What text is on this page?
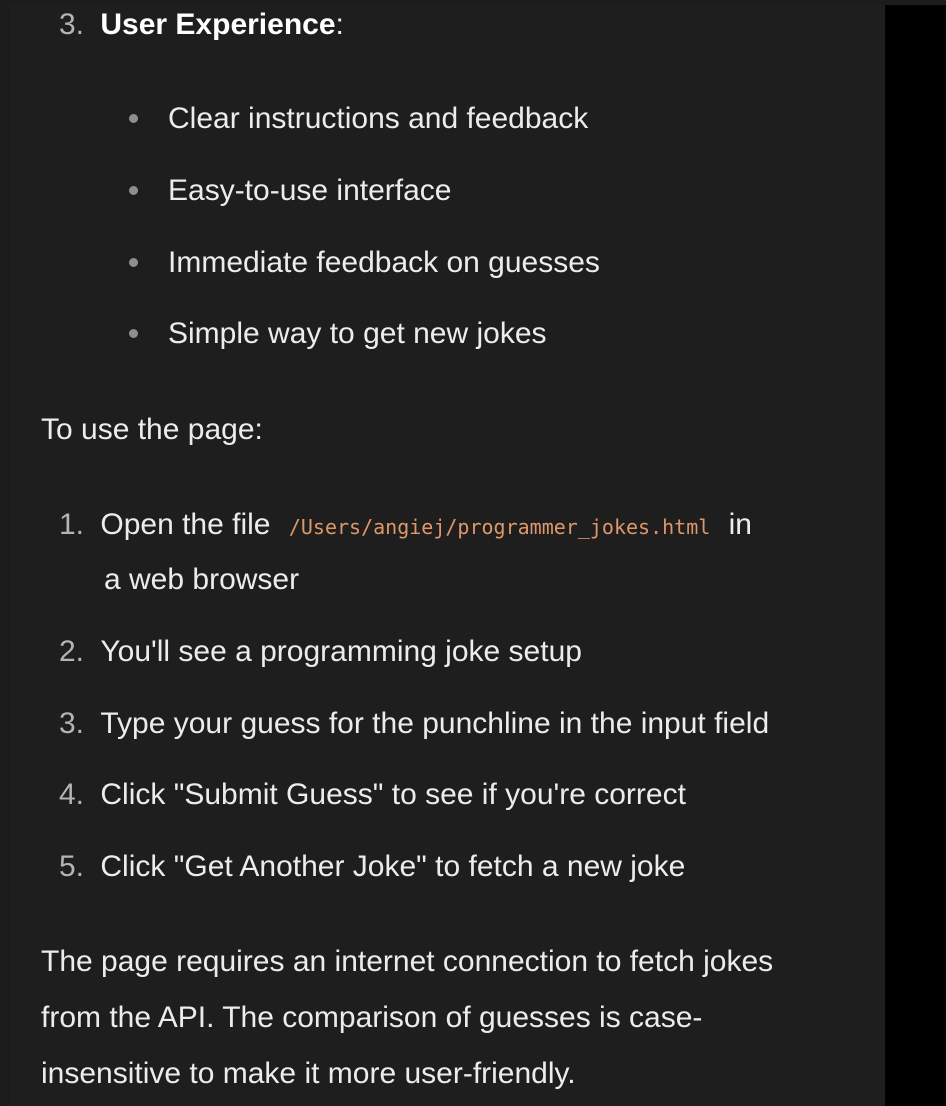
3. User Experience:
Clear instructions and feedback
Easy-to-use interface
Immediate feedback on guesses
Simple way to get new jokes
To use the page:
1. Open the file /Users/angiej/programmer_jokes.html in
a web browser
2. You'll see a programming joke setup
3. Type your guess for the punchline in the input field
4. Click "Submit Guess" to see if you're correct
5. Click "Get Another Joke" to fetch a new joke
The page requires an internet connection to fetch jokes
from the API. The comparison of guesses is case-
insensitive to make it more user-friendly.
